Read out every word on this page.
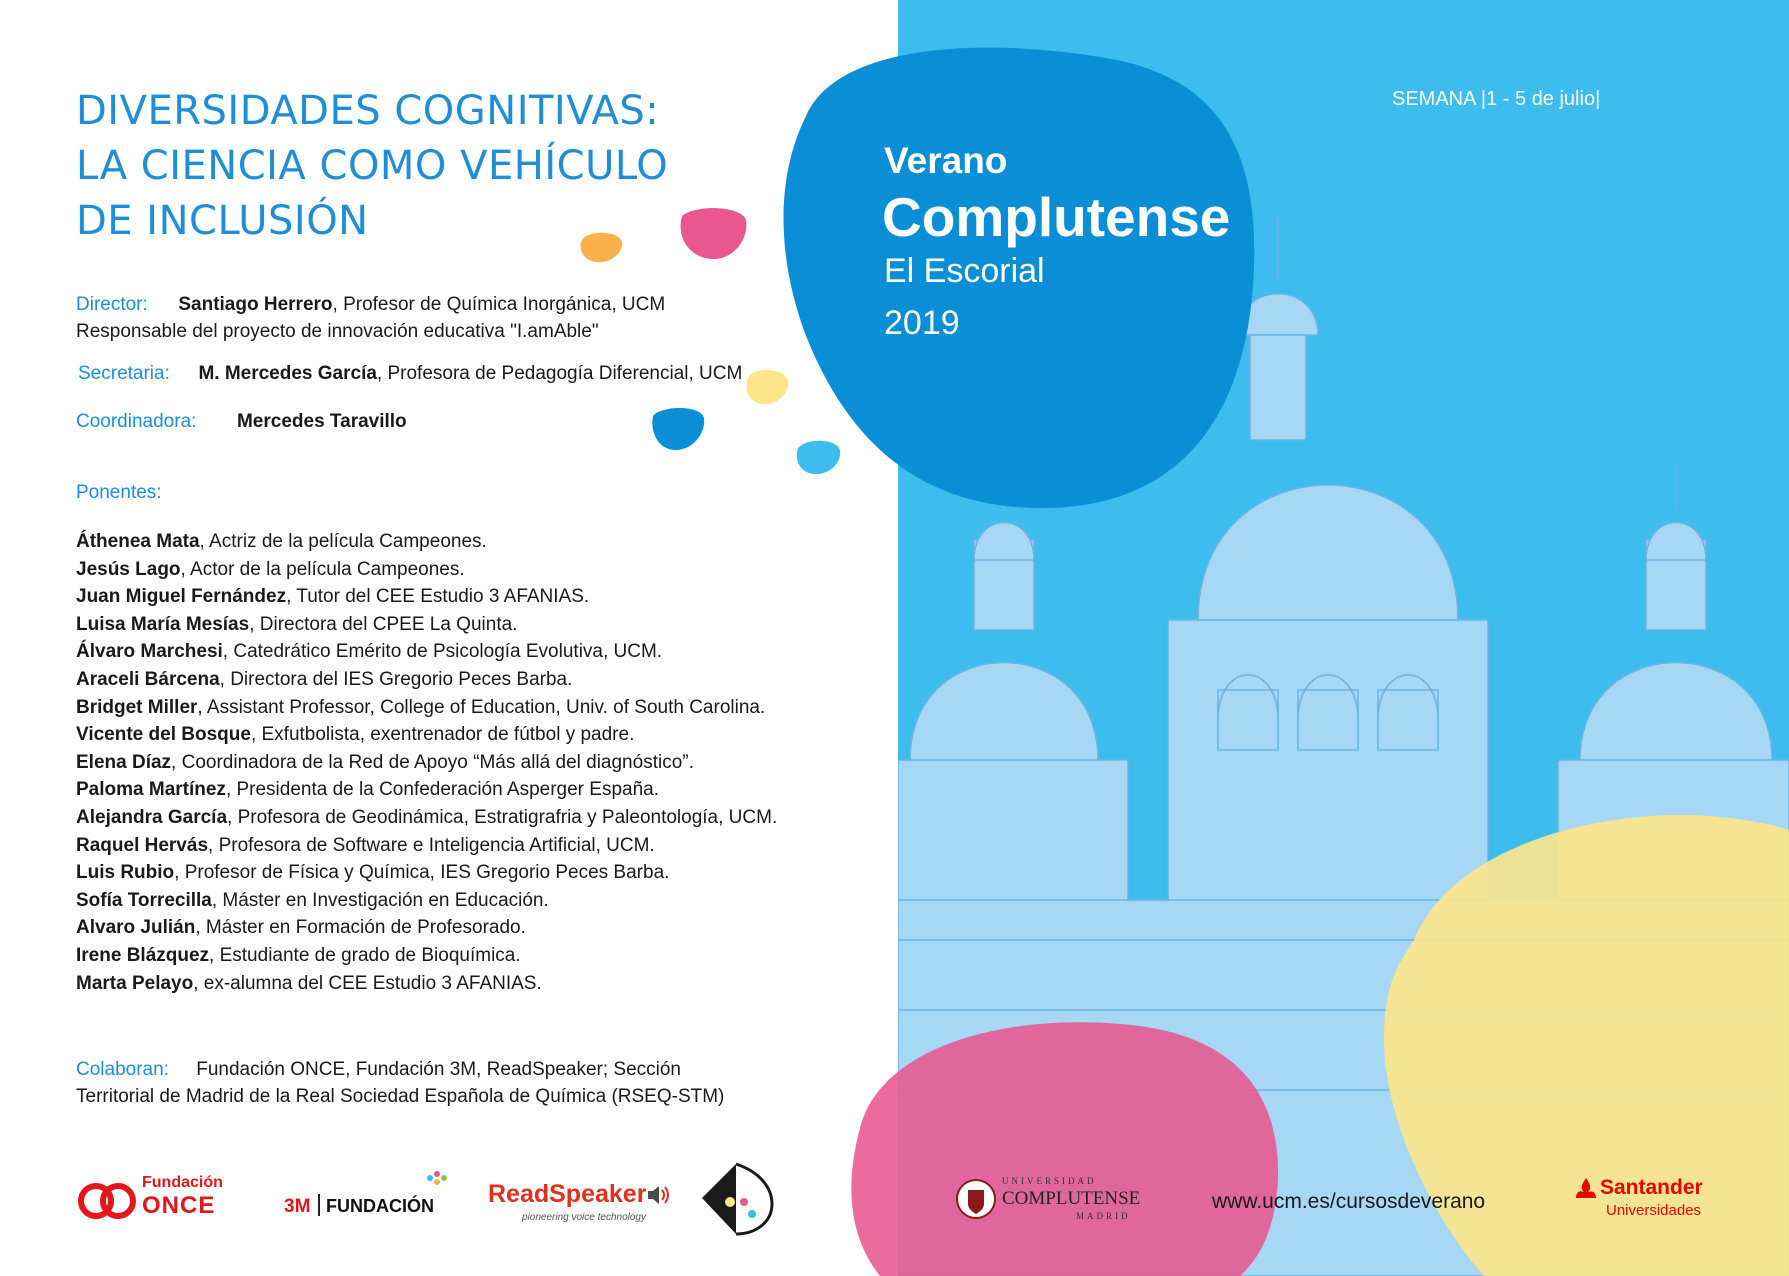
DIVERSIDADES COGNITIVAS:
LA CIENCIA COMO VEHÍCULO
DE INCLUSIÓN
Director: Santiago Herrero, Profesor de Química Inorgánica, UCM
Responsable del proyecto de innovación educativa "I.amAble"
Secretaria: M. Mercedes García, Profesora de Pedagogía Diferencial, UCM
Coordinadora: Mercedes Taravillo
Ponentes:
Áthenea Mata, Actriz de la película Campeones.
Jesús Lago, Actor de la película Campeones.
Juan Miguel Fernández, Tutor del CEE Estudio 3 AFANIAS.
Luisa María Mesías, Directora del CPEE La Quinta.
Álvaro Marchesi, Catedrático Emérito de Psicología Evolutiva, UCM.
Araceli Bárcena, Directora del IES Gregorio Peces Barba.
Bridget Miller, Assistant Professor, College of Education, Univ. of South Carolina.
Vicente del Bosque, Exfutbolista, exentrenador de fútbol y padre.
Elena Díaz, Coordinadora de la Red de Apoyo “Más allá del diagnóstico”.
Paloma Martínez, Presidenta de la Confederación Asperger España.
Alejandra García, Profesora de Geodinámica, Estratigrafria y Paleontología, UCM.
Raquel Hervás, Profesora de Software e Inteligencia Artificial, UCM.
Luis Rubio, Profesor de Física y Química, IES Gregorio Peces Barba.
Sofía Torrecilla, Máster en Investigación en Educación.
Alvaro Julián, Máster en Formación de Profesorado.
Irene Blázquez, Estudiante de grado de Bioquímica.
Marta Pelayo, ex-alumna del CEE Estudio 3 AFANIAS.
Colaboran: Fundación ONCE, Fundación 3M, ReadSpeaker; Sección Territorial de Madrid de la Real Sociedad Española de Química (RSEQ-STM)
Fundación
ONCE	3M FUNDACIÓN ReadSpeaker
pioneering voice technology
Verano
Complutense
El Escorial
2019
SEMANA |1 - 5 de julio|
UNIVERSIDAD
COMPLUTENSE
MADRID
www.ucm.es/cursosdeverano
Santander
Universidades
